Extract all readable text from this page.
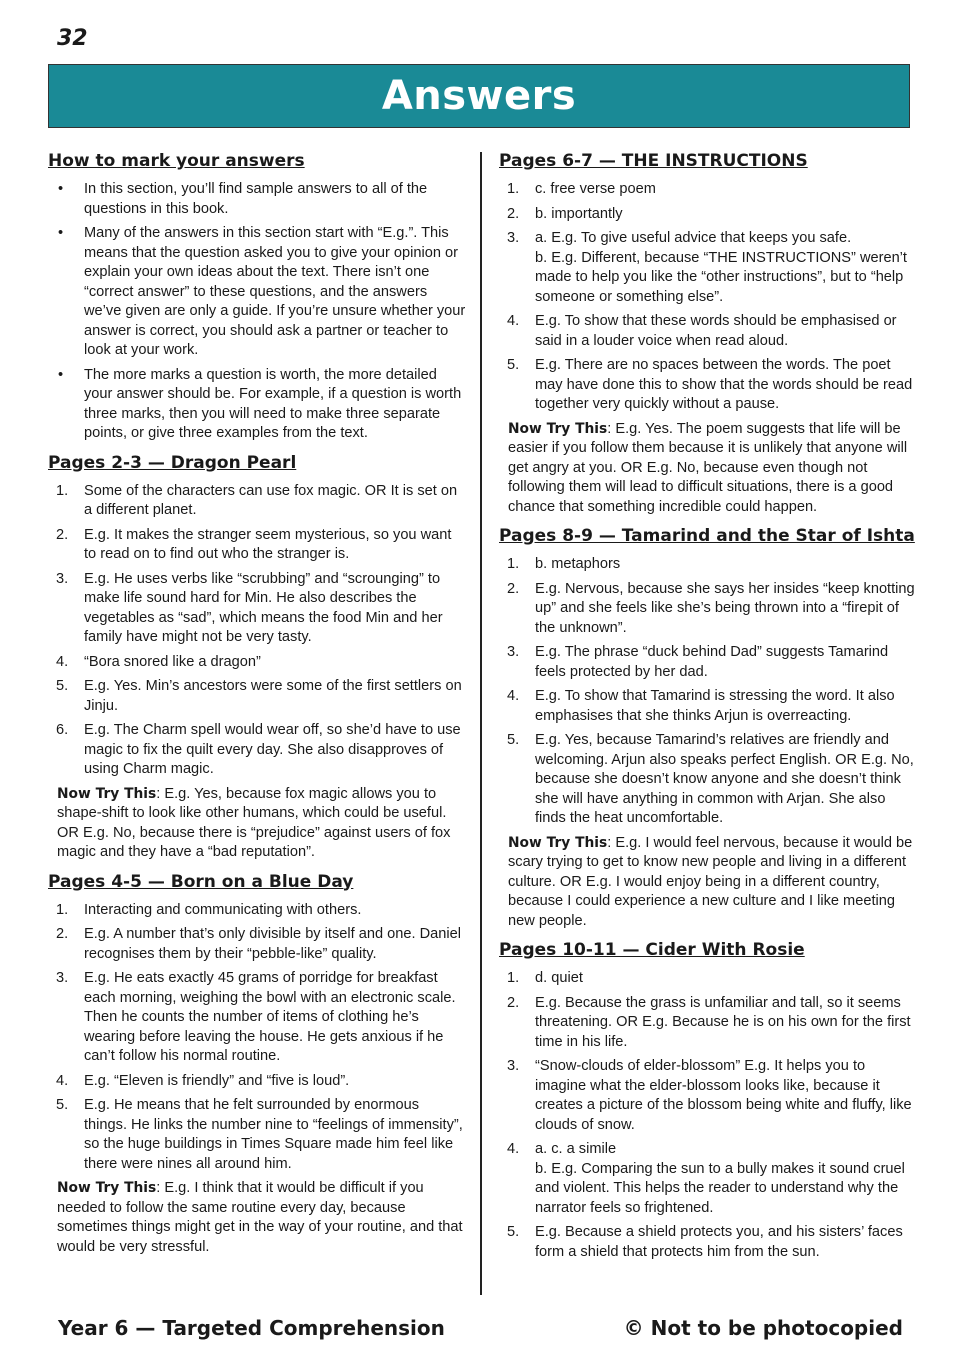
32
Answers
How to mark your answers
• In this section, you’ll find sample answers to all of the questions in this book.
• Many of the answers in this section start with “E.g.”. This means that the question asked you to give your opinion or explain your own ideas about the text. There isn’t one “correct answer” to these questions, and the answers we’ve given are only a guide. If you’re unsure whether your answer is correct, you should ask a partner or teacher to look at your work.
• The more marks a question is worth, the more detailed your answer should be. For example, if a question is worth three marks, then you will need to make three separate points, or give three examples from the text.
Pages 2-3 — Dragon Pearl
1. Some of the characters can use fox magic. OR It is set on a different planet.
2. E.g. It makes the stranger seem mysterious, so you want to read on to find out who the stranger is.
3. E.g. He uses verbs like “scrubbing” and “scrounging” to make life sound hard for Min. He also describes the vegetables as “sad”, which means the food Min and her family have might not be very tasty.
4. “Bora snored like a dragon”
5. E.g. Yes. Min’s ancestors were some of the first settlers on Jinju.
6. E.g. The Charm spell would wear off, so she’d have to use magic to fix the quilt every day. She also disapproves of using Charm magic.
Now Try This: E.g. Yes, because fox magic allows you to shape-shift to look like other humans, which could be useful. OR E.g. No, because there is “prejudice” against users of fox magic and they have a “bad reputation”.
Pages 4-5 — Born on a Blue Day
1. Interacting and communicating with others.
2. E.g. A number that’s only divisible by itself and one. Daniel recognises them by their “pebble-like” quality.
3. E.g. He eats exactly 45 grams of porridge for breakfast each morning, weighing the bowl with an electronic scale. Then he counts the number of items of clothing he’s wearing before leaving the house. He gets anxious if he can’t follow his normal routine.
4. E.g. “Eleven is friendly” and “five is loud”.
5. E.g. He means that he felt surrounded by enormous things. He links the number nine to “feelings of immensity”, so the huge buildings in Times Square made him feel like there were nines all around him.
Now Try This: E.g. I think that it would be difficult if you needed to follow the same routine every day, because sometimes things might get in the way of your routine, and that would be very stressful.
Pages 6-7 — THE INSTRUCTIONS
1. c. free verse poem
2. b. importantly
3. a. E.g. To give useful advice that keeps you safe.
b. E.g. Different, because “THE INSTRUCTIONS” weren’t made to help you like the “other instructions”, but to “help someone or something else”.
4. E.g. To show that these words should be emphasised or said in a louder voice when read aloud.
5. E.g. There are no spaces between the words. The poet may have done this to show that the words should be read together very quickly without a pause.
Now Try This: E.g. Yes. The poem suggests that life will be easier if you follow them because it is unlikely that anyone will get angry at you. OR E.g. No, because even though not following them will lead to difficult situations, there is a good chance that something incredible could happen.
Pages 8-9 — Tamarind and the Star of Ishta
1. b. metaphors
2. E.g. Nervous, because she says her insides “keep knotting up” and she feels like she’s being thrown into a “firepit of the unknown”.
3. E.g. The phrase “duck behind Dad” suggests Tamarind feels protected by her dad.
4. E.g. To show that Tamarind is stressing the word. It also emphasises that she thinks Arjun is overreacting.
5. E.g. Yes, because Tamarind’s relatives are friendly and welcoming. Arjun also speaks perfect English. OR E.g. No, because she doesn’t know anyone and she doesn’t think she will have anything in common with Arjan. She also finds the heat uncomfortable.
Now Try This: E.g. I would feel nervous, because it would be scary trying to get to know new people and living in a different culture. OR E.g. I would enjoy being in a different country, because I could experience a new culture and I like meeting new people.
Pages 10-11 — Cider With Rosie
1. d. quiet
2. E.g. Because the grass is unfamiliar and tall, so it seems threatening. OR E.g. Because he is on his own for the first time in his life.
3. “Snow-clouds of elder-blossom” E.g. It helps you to imagine what the elder-blossom looks like, because it creates a picture of the blossom being white and fluffy, like clouds of snow.
4. a. c. a simile
b. E.g. Comparing the sun to a bully makes it sound cruel and violent. This helps the reader to understand why the narrator feels so frightened.
5. E.g. Because a shield protects you, and his sisters’ faces form a shield that protects him from the sun.
Year 6 — Targeted Comprehension	© Not to be photocopied
